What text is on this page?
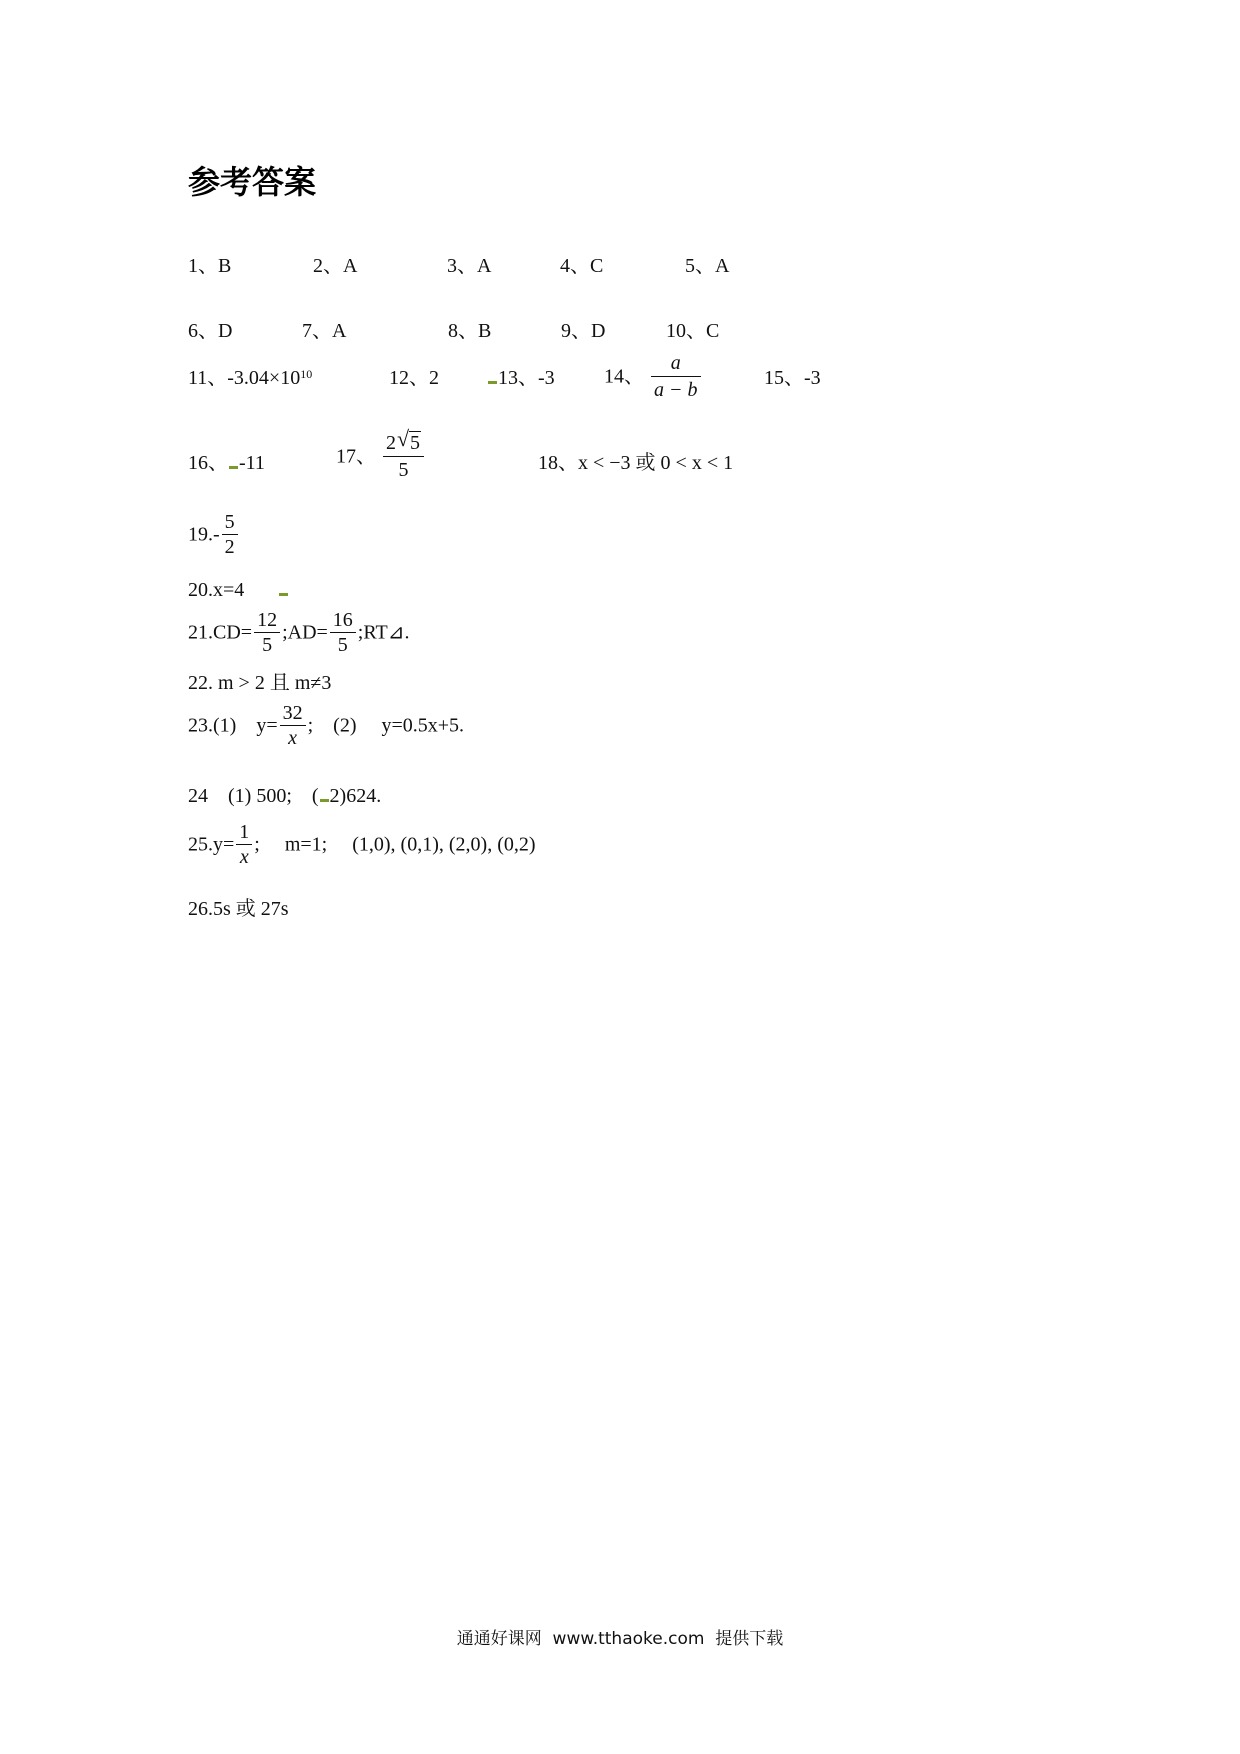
参考答案
1、B	2、A	3、A	4、C	5、A
6、D	7、A	8、B	9、D	10、C
11、$-3.04\times 10^{10}$	12、2	13、-3 14、 $\frac{a}{a - b}$	15、-3
16、 -11	17、 $\frac{2 √ 5}{5}$	18、x < −3 或 0 < x < 1
$19.- \frac{5}{2}$
20.x=4
$21.CD= \frac{12}{5}$ ;AD= $\frac{16}{5}$ ;RT⊿.
22. m > 2 且 m≠3
23.(1)    $y= \frac{32}{x}$ ;    (2)     y=0.5x+5.
24    (1) 500;    ( 2)624.
$25.y= \frac{1}{x}$ ;     m=1;     (1,0), (0,1), (2,0), (0,2)
26.5s 或 27s
通通好课网  www.tthaoke.com  提供下载
